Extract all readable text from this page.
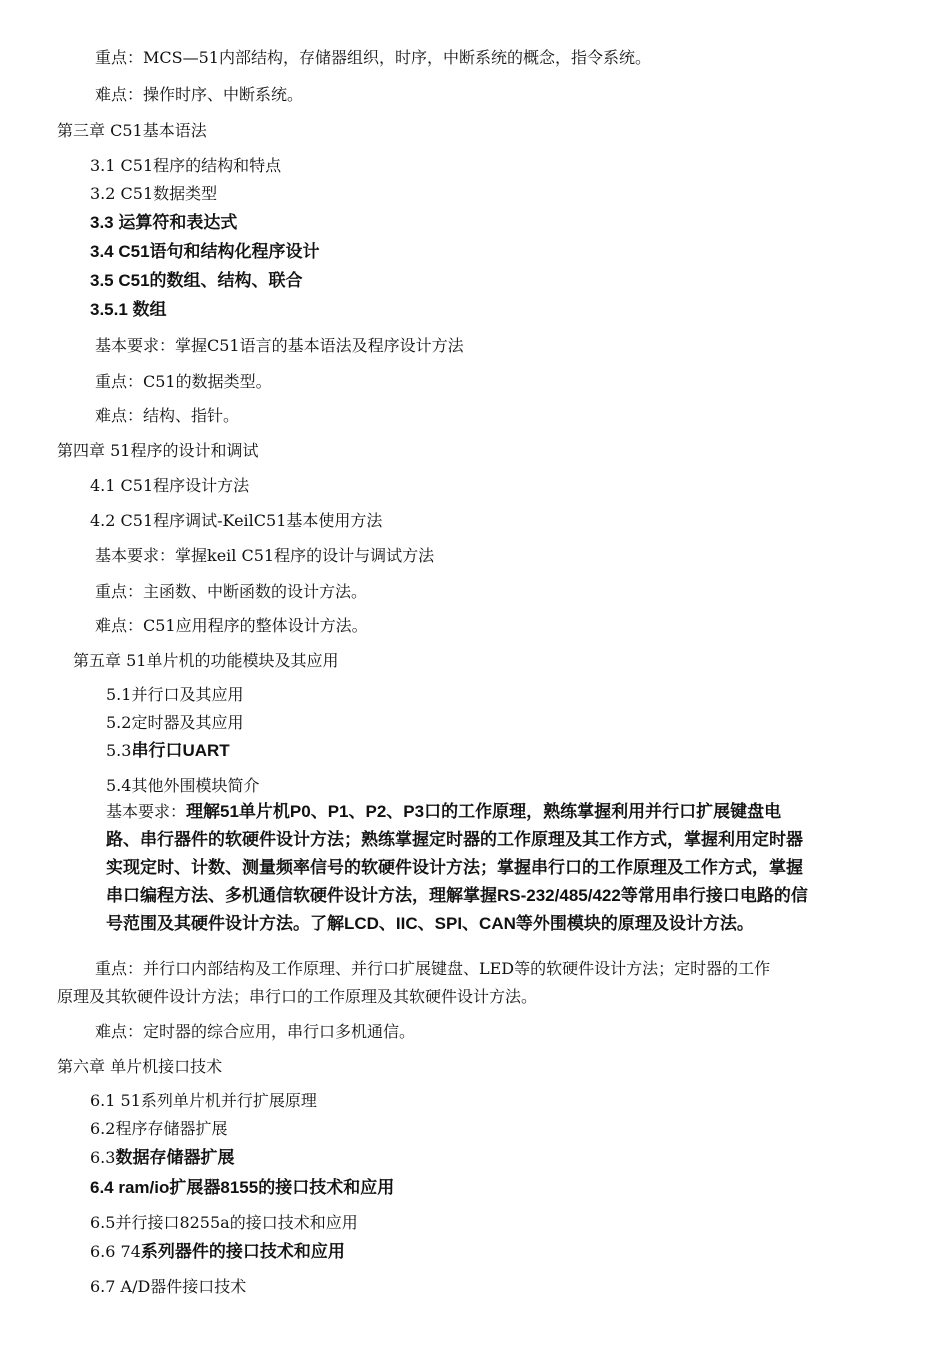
重点：MCS—51内部结构，存储器组织，时序，中断系统的概念，指令系统。
难点：操作时序、中断系统。
第三章 C51基本语法
3.1 C51程序的结构和特点
3.2 C51数据类型
3.3 运算符和表达式
3.4 C51语句和结构化程序设计
3.5 C51的数组、结构、联合
3.5.1 数组
基本要求：掌握C51语言的基本语法及程序设计方法
重点：C51的数据类型。
难点：结构、指针。
第四章 51程序的设计和调试
4.1 C51程序设计方法
4.2 C51程序调试-KeilC51基本使用方法
基本要求：掌握keil C51程序的设计与调试方法
重点：主函数、中断函数的设计方法。
难点：C51应用程序的整体设计方法。
第五章 51单片机的功能模块及其应用
5.1并行口及其应用
5.2定时器及其应用
5.3串行口UART
5.4其他外围模块简介
基本要求：理解51单片机P0、P1、P2、P3口的工作原理，熟练掌握利用并行口扩展键盘电
路、串行器件的软硬件设计方法；熟练掌握定时器的工作原理及其工作方式，掌握利用定时器
实现定时、计数、测量频率信号的软硬件设计方法；掌握串行口的工作原理及工作方式，掌握
串口编程方法、多机通信软硬件设计方法，理解掌握RS-232/485/422等常用串行接口电路的信
号范围及其硬件设计方法。了解LCD、IIC、SPI、CAN等外围模块的原理及设计方法。
重点：并行口内部结构及工作原理、并行口扩展键盘、LED等的软硬件设计方法；定时器的工作
原理及其软硬件设计方法；串行口的工作原理及其软硬件设计方法。
难点：定时器的综合应用，串行口多机通信。
第六章 单片机接口技术
6.1 51系列单片机并行扩展原理
6.2程序存储器扩展
6.3数据存储器扩展
6.4 ram/io扩展器8155的接口技术和应用
6.5并行接口8255a的接口技术和应用
6.6 74系列器件的接口技术和应用
6.7 A/D器件接口技术
